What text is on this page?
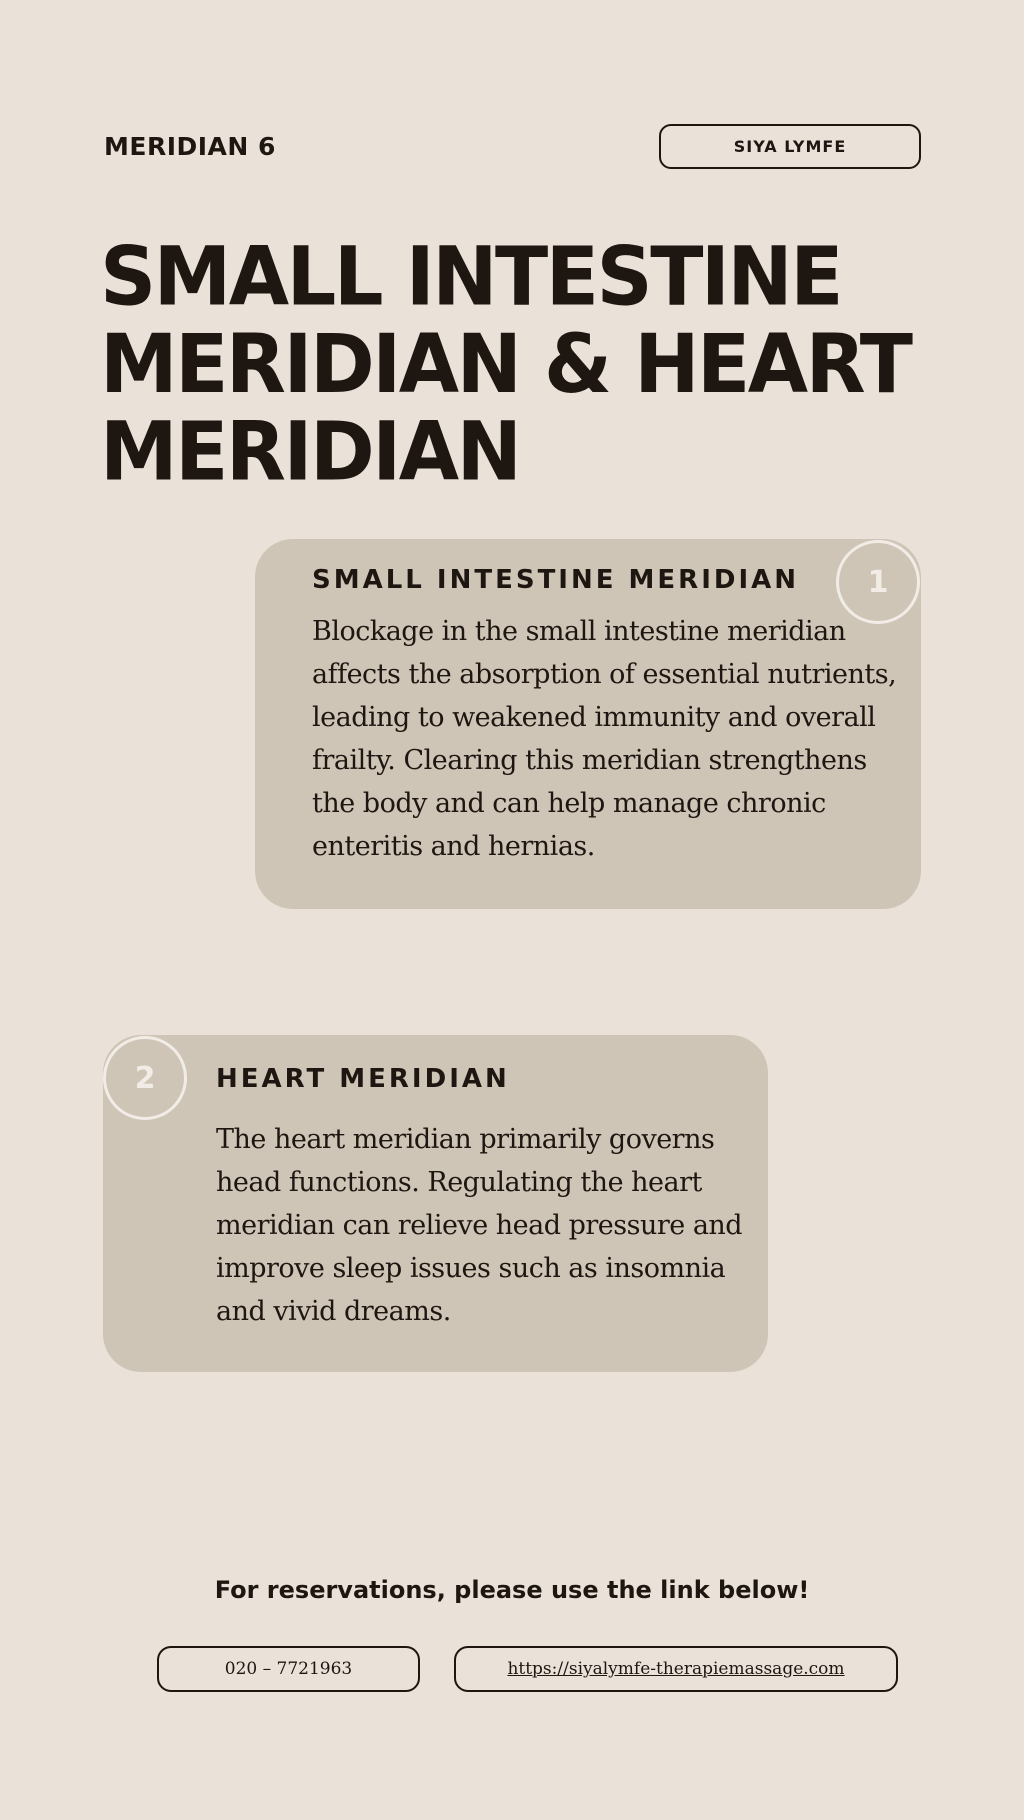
MERIDIAN 6	SIYA LYMFE
SMALL INTESTINE MERIDIAN & HEART MERIDIAN
1
SMALL INTESTINE MERIDIAN

Blockage in the small intestine meridian affects the absorption of essential nutrients, leading to weakened immunity and overall frailty. Clearing this meridian strengthens the body and can help manage chronic enteritis and hernias.

2	HEART MERIDIAN

The heart meridian primarily governs head functions. Regulating the heart meridian can relieve head pressure and improve sleep issues such as insomnia and vivid dreams.

For reservations, please use the link below!

020 – 7721963	https://siyalymfe-therapiemassage.com
